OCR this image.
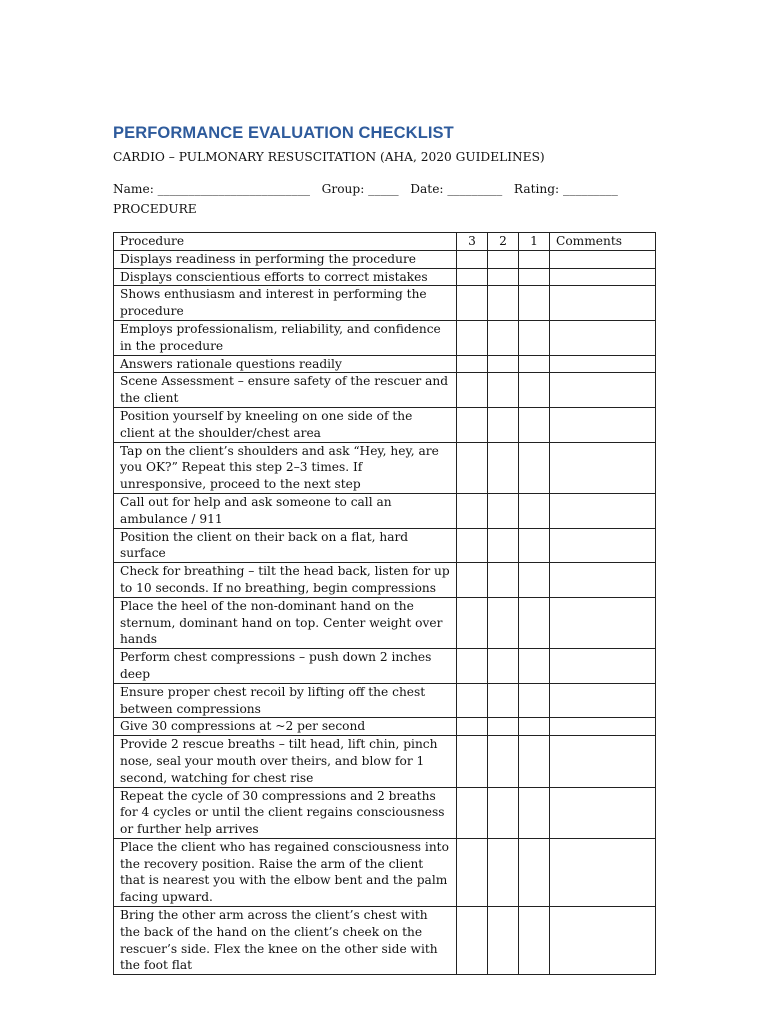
PERFORMANCE EVALUATION CHECKLIST
CARDIO – PULMONARY RESUSCITATION (AHA, 2020 GUIDELINES)
Name: _________________________   Group: _____   Date: _________   Rating: _________
PROCEDURE
Procedure	3	2	1	Comments
Displays readiness in performing the procedure				
Displays conscientious efforts to correct mistakes				
Shows enthusiasm and interest in performing the procedure				
Employs professionalism, reliability, and confidence in the procedure				
Answers rationale questions readily				
Scene Assessment – ensure safety of the rescuer and the client				
Position yourself by kneeling on one side of the client at the shoulder/chest area				
Tap on the client’s shoulders and ask “Hey, hey, are you OK?” Repeat this step 2–3 times. If unresponsive, proceed to the next step				
Call out for help and ask someone to call an ambulance / 911				
Position the client on their back on a flat, hard surface				
Check for breathing – tilt the head back, listen for up to 10 seconds. If no breathing, begin compressions				
Place the heel of the non-dominant hand on the sternum, dominant hand on top. Center weight over hands				
Perform chest compressions – push down 2 inches deep				
Ensure proper chest recoil by lifting off the chest between compressions				
Give 30 compressions at ~2 per second				
Provide 2 rescue breaths – tilt head, lift chin, pinch nose, seal your mouth over theirs, and blow for 1 second, watching for chest rise				
Repeat the cycle of 30 compressions and 2 breaths for 4 cycles or until the client regains consciousness or further help arrives				
Place the client who has regained consciousness into the recovery position. Raise the arm of the client that is nearest you with the elbow bent and the palm facing upward.				
Bring the other arm across the client’s chest with the back of the hand on the client’s cheek on the rescuer’s side. Flex the knee on the other side with the foot flat				
